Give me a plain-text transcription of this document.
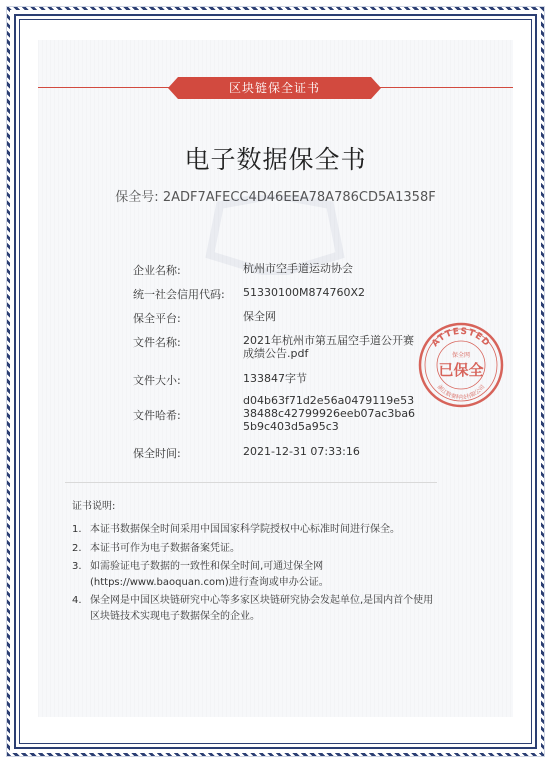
区块链保全证书
电子数据保全书
保全号: 2ADF7AFECC4D46EEA78A786CD5A1358F
企业名称:	杭州市空手道运动协会
统一社会信用代码:	51330100M874760X2
保全平台:	保全网
文件名称:	2021年杭州市第五届空手道公开赛成绩公告.pdf
文件大小:	133847字节
文件哈希:
d04b63f71d2e56a0479119e5338488c42799926eeb07ac3ba65b9c403d5a95c3
保全时间:	2021-12-31 07:33:16
ATTESTED
浙江数秦科技有限公司
保全网
已保全
证书说明:
1. 本证书数据保全时间采用中国国家科学院授权中心标准时间进行保全。
2. 本证书可作为电子数据备案凭证。
3. 如需验证电子数据的一致性和保全时间,可通过保全网(https://www.baoquan.com)进行查询或申办公证。
4. 保全网是中国区块链研究中心等多家区块链研究协会发起单位,是国内首个使用区块链技术实现电子数据保全的企业。
